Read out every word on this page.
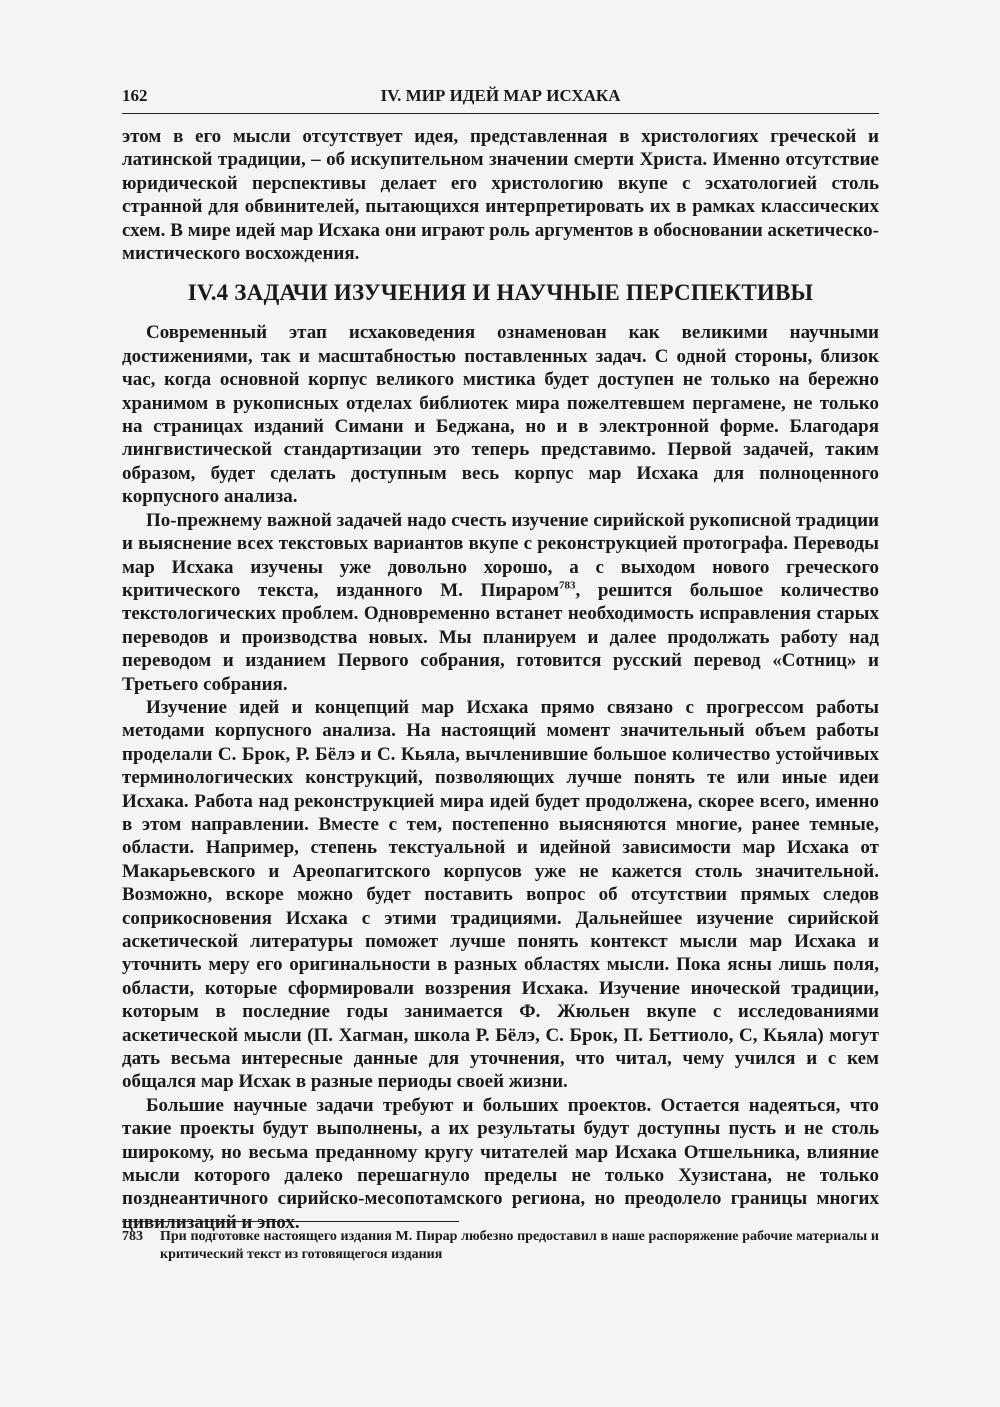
162	IV. МИР ИДЕЙ МАР ИСХАКА

этом в его мысли отсутствует идея, представленная в христологиях греческой и латинской традиции, – об искупительном значении смерти Христа. Именно отсутствие юридической перспективы делает его христологию вкупе с эсхатологией столь странной для обвинителей, пытающихся интерпретировать их в рамках классических схем. В мире идей мар Исхака они играют роль аргументов в обосновании аскетическо-мистического восхождения.

IV.4 ЗАДАЧИ ИЗУЧЕНИЯ И НАУЧНЫЕ ПЕРСПЕКТИВЫ

Современный этап исхаковедения ознаменован как великими научными достижениями, так и масштабностью поставленных задач. С одной стороны, близок час, когда основной корпус великого мистика будет доступен не только на бережно хранимом в рукописных отделах библиотек мира пожелтевшем пергамене, не только на страницах изданий Симани и Беджана, но и в электронной форме. Благодаря лингвистической стандартизации это теперь представимо. Первой задачей, таким образом, будет сделать доступным весь корпус мар Исхака для полноценного корпусного анализа.

По-прежнему важной задачей надо счесть изучение сирийской рукописной традиции и выяснение всех текстовых вариантов вкупе с реконструкцией протографа. Переводы мар Исхака изучены уже довольно хорошо, а с выходом нового греческого критического текста, изданного М. Пираром$^{783}$, решится большое количество текстологических проблем. Одновременно встанет необходимость исправления старых переводов и производства новых. Мы планируем и далее продолжать работу над переводом и изданием Первого собрания, готовится русский перевод «Сотниц» и Третьего собрания.

Изучение идей и концепций мар Исхака прямо связано с прогрессом работы методами корпусного анализа. На настоящий момент значительный объем работы проделали С. Брок, Р. Бёлэ и С. Кьяла, вычленившие большое количество устойчивых терминологических конструкций, позволяющих лучше понять те или иные идеи Исхака. Работа над реконструкцией мира идей будет продолжена, скорее всего, именно в этом направлении. Вместе с тем, постепенно выясняются многие, ранее темные, области. Например, степень текстуальной и идейной зависимости мар Исхака от Макарьевского и Ареопагитского корпусов уже не кажется столь значительной. Возможно, вскоре можно будет поставить вопрос об отсутствии прямых следов соприкосновения Исхака с этими традициями. Дальнейшее изучение сирийской аскетической литературы поможет лучше понять контекст мысли мар Исхака и уточнить меру его оригинальности в разных областях мысли. Пока ясны лишь поля, области, которые сформировали воззрения Исхака. Изучение иноческой традиции, которым в последние годы занимается Ф. Жюльен вкупе с исследованиями аскетической мысли (П. Хагман, школа Р. Бёлэ, С. Брок, П. Беттиоло, С, Кьяла) могут дать весьма интересные данные для уточнения, что читал, чему учился и с кем общался мар Исхак в разные периоды своей жизни.

Большие научные задачи требуют и больших проектов. Остается надеяться, что такие проекты будут выполнены, а их результаты будут доступны пусть и не столь широкому, но весьма преданному кругу читателей мар Исхака Отшельника, влияние мысли которого далеко перешагнуло пределы не только Хузистана, не только позднеантичного сирийско-месопотамского региона, но преодолело границы многих цивилизаций и эпох.

783 При подготовке настоящего издания М. Пирар любезно предоставил в наше распоряжение рабочие материалы и критический текст из готовящегося издания
